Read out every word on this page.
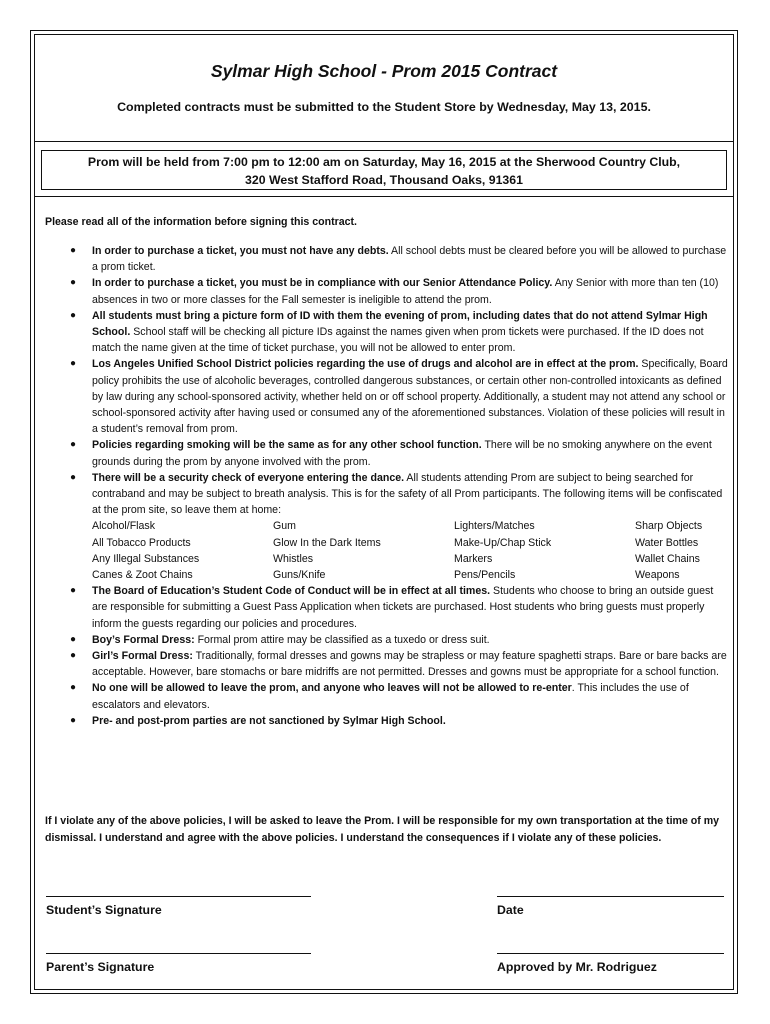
Sylmar High School - Prom 2015 Contract
Completed contracts must be submitted to the Student Store by Wednesday, May 13, 2015.
Prom will be held from 7:00 pm to 12:00 am on Saturday, May 16, 2015 at the Sherwood Country Club,
320 West Stafford Road, Thousand Oaks, 91361
Please read all of the information before signing this contract.
● In order to purchase a ticket, you must not have any debts. All school debts must be cleared before you will be allowed to purchase a prom ticket.
● In order to purchase a ticket, you must be in compliance with our Senior Attendance Policy. Any Senior with more than ten (10) absences in two or more classes for the Fall semester is ineligible to attend the prom.
● All students must bring a picture form of ID with them the evening of prom, including dates that do not attend Sylmar High School. School staff will be checking all picture IDs against the names given when prom tickets were purchased. If the ID does not match the name given at the time of ticket purchase, you will not be allowed to enter prom.
● Los Angeles Unified School District policies regarding the use of drugs and alcohol are in effect at the prom. Specifically, Board policy prohibits the use of alcoholic beverages, controlled dangerous substances, or certain other non-controlled intoxicants as defined by law during any school-sponsored activity, whether held on or off school property. Additionally, a student may not attend any school or school-sponsored activity after having used or consumed any of the aforementioned substances. Violation of these policies will result in a student’s removal from prom.
● Policies regarding smoking will be the same as for any other school function. There will be no smoking anywhere on the event grounds during the prom by anyone involved with the prom.
● There will be a security check of everyone entering the dance. All students attending Prom are subject to being searched for contraband and may be subject to breath analysis. This is for the safety of all Prom participants. The following items will be confiscated at the prom site, so leave them at home:
Alcohol/Flask	Gum	Lighters/Matches	Sharp Objects
All Tobacco Products	Glow In the Dark Items	Make-Up/Chap Stick	Water Bottles
Any Illegal Substances	Whistles	Markers	Wallet Chains
Canes & Zoot Chains	Guns/Knife	Pens/Pencils	Weapons
● The Board of Education’s Student Code of Conduct will be in effect at all times. Students who choose to bring an outside guest are responsible for submitting a Guest Pass Application when tickets are purchased. Host students who bring guests must properly inform the guests regarding our policies and procedures.
● Boy’s Formal Dress: Formal prom attire may be classified as a tuxedo or dress suit.
● Girl’s Formal Dress: Traditionally, formal dresses and gowns may be strapless or may feature spaghetti straps. Bare or bare backs are acceptable. However, bare stomachs or bare midriffs are not permitted. Dresses and gowns must be appropriate for a school function.
● No one will be allowed to leave the prom, and anyone who leaves will not be allowed to re-enter. This includes the use of escalators and elevators.
● Pre- and post-prom parties are not sanctioned by Sylmar High School.
If I violate any of the above policies, I will be asked to leave the Prom. I will be responsible for my own transportation at the time of my dismissal. I understand and agree with the above policies. I understand the consequences if I violate any of these policies.
Student’s Signature	Date
Parent’s Signature	Approved by Mr. Rodriguez
